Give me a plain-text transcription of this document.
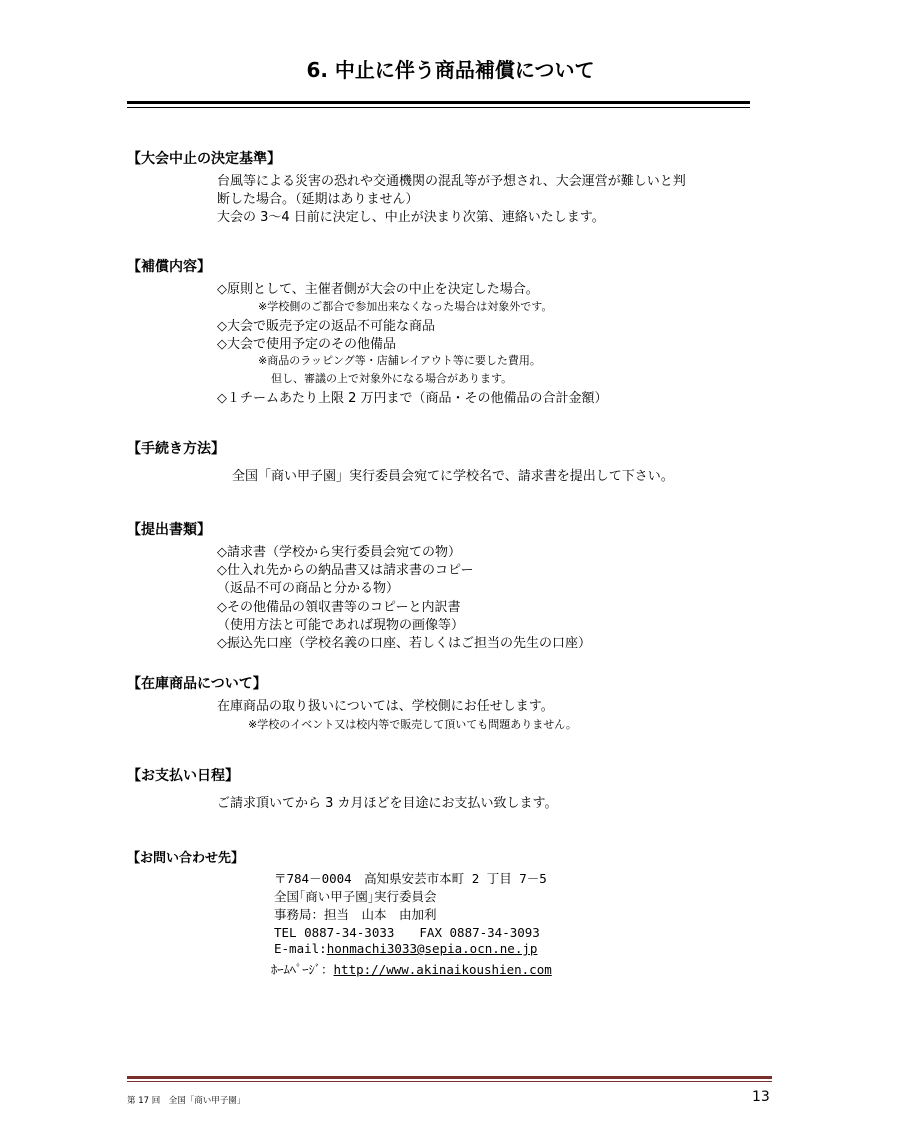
6. 中止に伴う商品補償について
【大会中止の決定基準】
台風等による災害の恐れや交通機関の混乱等が予想され、大会運営が難しいと判
断した場合。（延期はありません）
大会の 3～4 日前に決定し、中止が決まり次第、連絡いたします。
【補償内容】
◇原則として、主催者側が大会の中止を決定した場合。
※学校側のご都合で参加出来なくなった場合は対象外です。
◇大会で販売予定の返品不可能な商品
◇大会で使用予定のその他備品
※商品のラッピング等・店舗レイアウト等に要した費用。
但し、審議の上で対象外になる場合があります。
◇１チームあたり上限 2 万円まで（商品・その他備品の合計金額）
【手続き方法】
全国「商い甲子園」実行委員会宛てに学校名で、請求書を提出して下さい。
【提出書類】
◇請求書（学校から実行委員会宛ての物）
◇仕入れ先からの納品書又は請求書のコピー
（返品不可の商品と分かる物）
◇その他備品の領収書等のコピーと内訳書
（使用方法と可能であれば現物の画像等）
◇振込先口座（学校名義の口座、若しくはご担当の先生の口座）
【在庫商品について】
在庫商品の取り扱いについては、学校側にお任せします。
※学校のイベント又は校内等で販売して頂いても問題ありません。
【お支払い日程】
ご請求頂いてから 3 カ月ほどを目途にお支払い致します。
【お問い合わせ先】
〒784－0004　高知県安芸市本町 2 丁目 7－5
全国｢商い甲子園｣実行委員会
事務局：担当　山本　由加利
TEL 0887-34-3033　　FAX 0887-34-3093
E-mail:honmachi3033@sepia.ocn.ne.jp
ﾎｰﾑﾍﾟｰｼﾞ：http://www.akinaikoushien.com
第 17 回　全国「商い甲子園」	13
